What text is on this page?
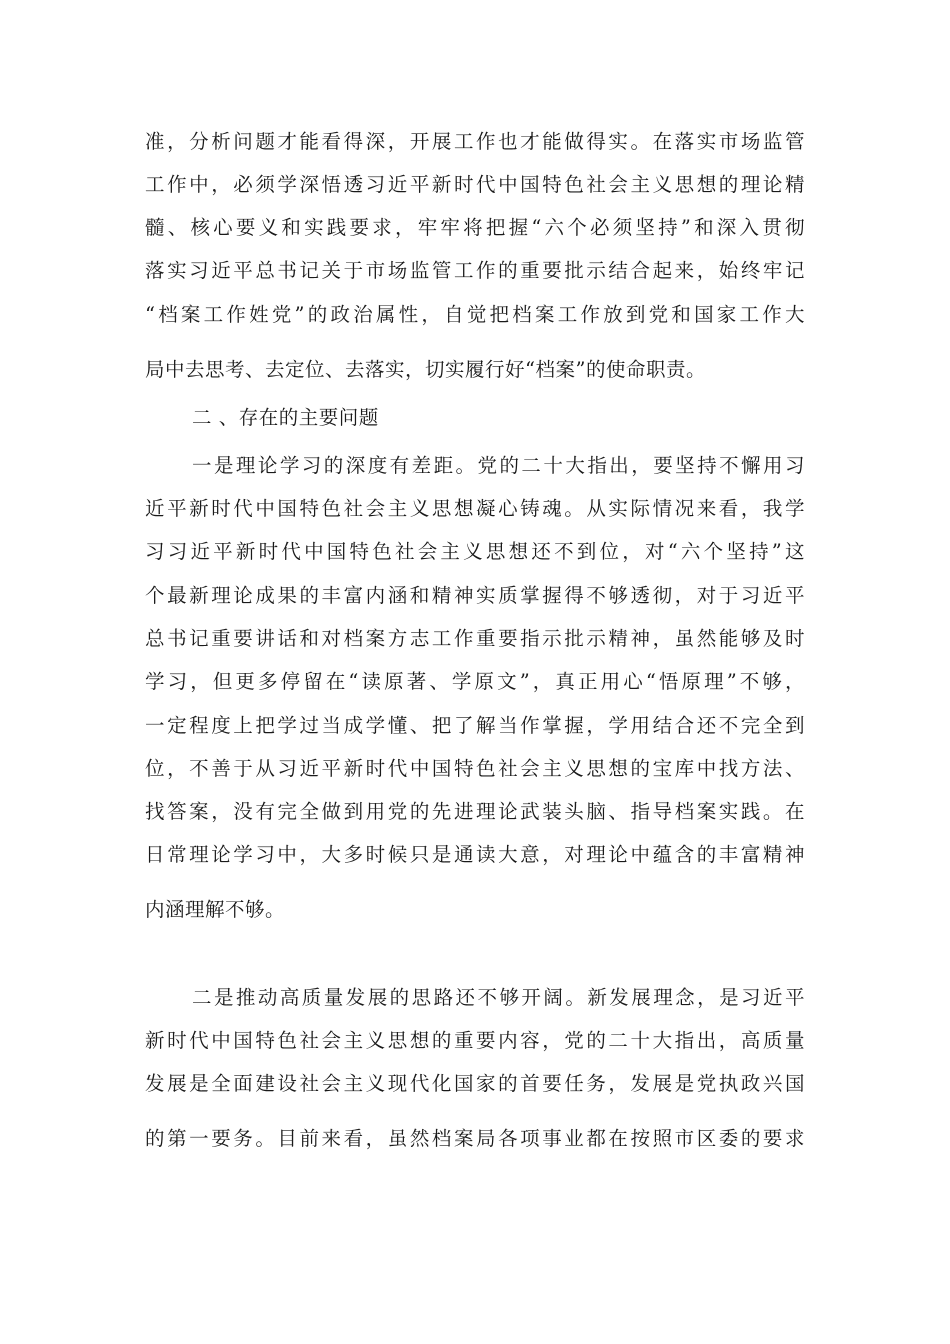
准，分析问题才能看得深，开展工作也才能做得实。在落实市场监管
工作中，必须学深悟透习近平新时代中国特色社会主义思想的理论精
髓、核心要义和实践要求，牢牢将把握“六个必须坚持”和深入贯彻
落实习近平总书记关于市场监管工作的重要批示结合起来，始终牢记
“档案工作姓党”的政治属性，自觉把档案工作放到党和国家工作大
局中去思考、去定位、去落实，切实履行好“档案”的使命职责。
二 、存在的主要问题
一是理论学习的深度有差距。党的二十大指出，要坚持不懈用习
近平新时代中国特色社会主义思想凝心铸魂。从实际情况来看，我学
习习近平新时代中国特色社会主义思想还不到位，对“六个坚持”这
个最新理论成果的丰富内涵和精神实质掌握得不够透彻，对于习近平
总书记重要讲话和对档案方志工作重要指示批示精神，虽然能够及时
学习，但更多停留在“读原著、学原文”，真正用心“悟原理”不够，
一定程度上把学过当成学懂、把了解当作掌握，学用结合还不完全到
位，不善于从习近平新时代中国特色社会主义思想的宝库中找方法、
找答案，没有完全做到用党的先进理论武装头脑、指导档案实践。在
日常理论学习中，大多时候只是通读大意，对理论中蕴含的丰富精神
内涵理解不够。
二是推动高质量发展的思路还不够开阔。新发展理念，是习近平
新时代中国特色社会主义思想的重要内容，党的二十大指出，高质量
发展是全面建设社会主义现代化国家的首要任务，发展是党执政兴国
的第一要务。目前来看，虽然档案局各项事业都在按照市区委的要求
